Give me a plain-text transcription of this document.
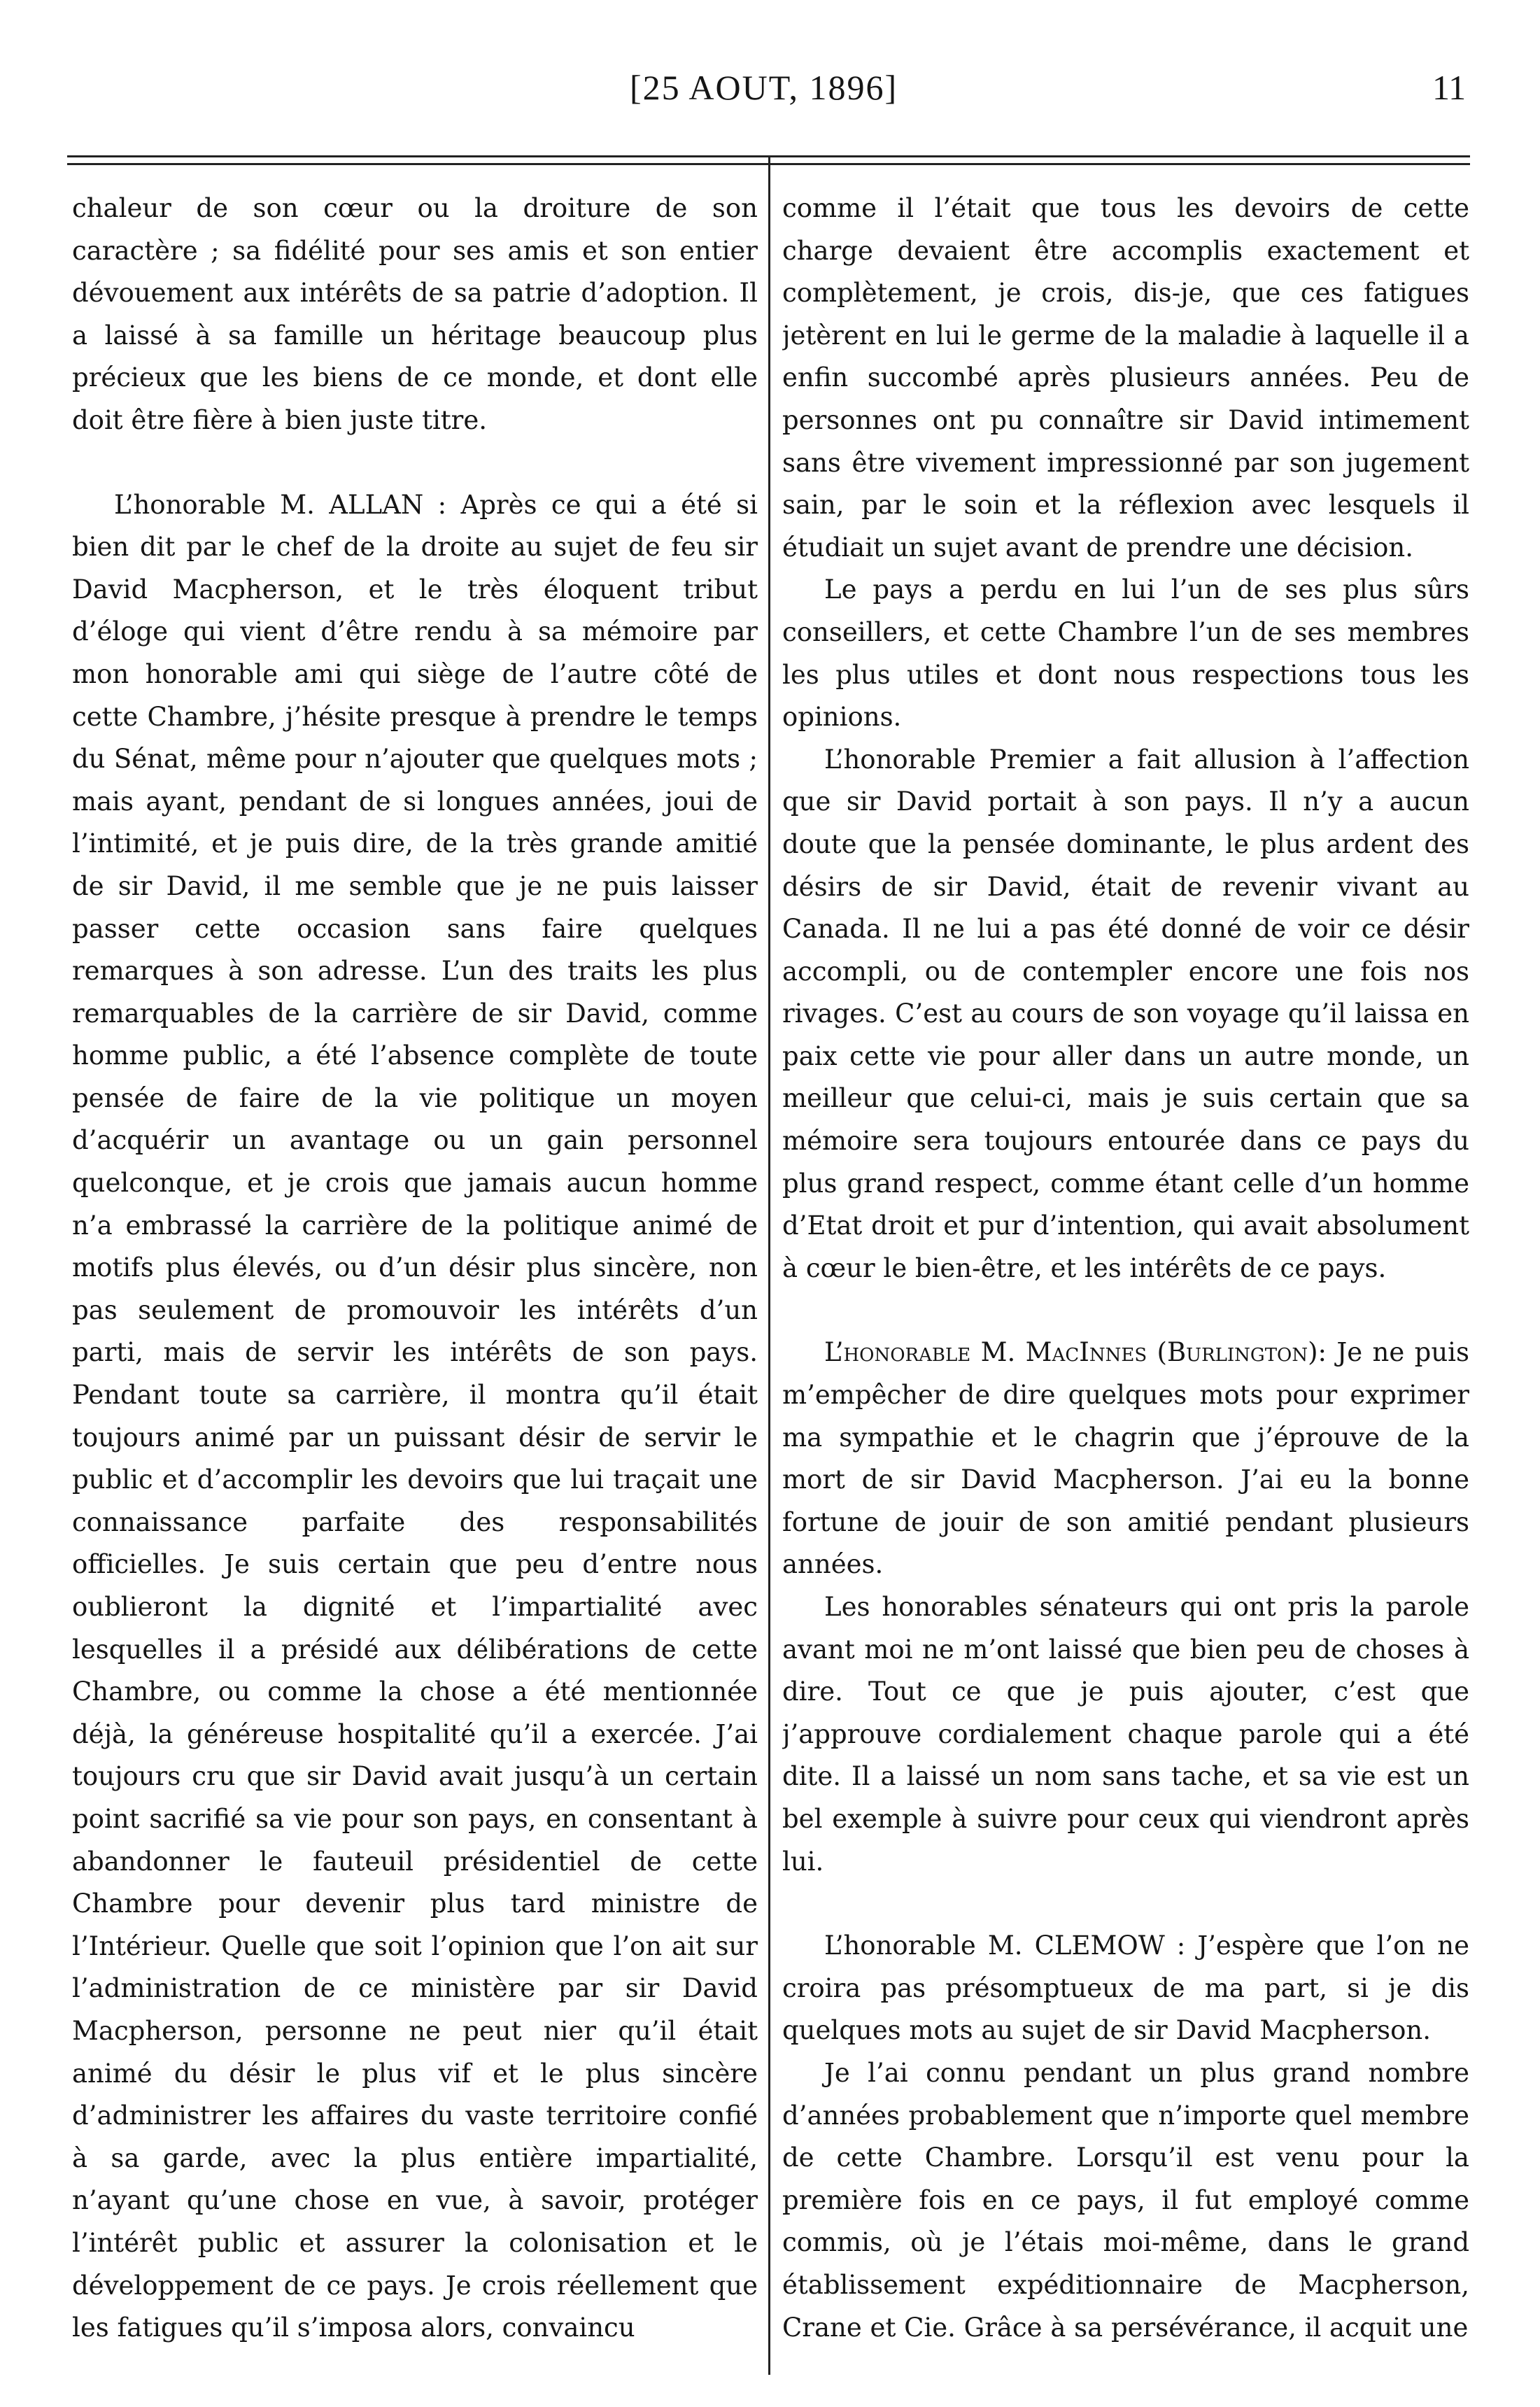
[25 AOUT, 1896]	11

chaleur de son cœur ou la droiture de son caractère ; sa fidélité pour ses amis et son entier dévouement aux intérêts de sa patrie d’adoption. Il a laissé à sa famille un héritage beaucoup plus précieux que les biens de ce monde, et dont elle doit être fière à bien juste titre.

L’honorable M. ALLAN : Après ce qui a été si bien dit par le chef de la droite au sujet de feu sir David Macpherson, et le très éloquent tribut d’éloge qui vient d’être rendu à sa mémoire par mon honorable ami qui siège de l’autre côté de cette Chambre, j’hésite presque à prendre le temps du Sénat, même pour n’ajouter que quelques mots ; mais ayant, pendant de si longues années, joui de l’intimité, et je puis dire, de la très grande amitié de sir David, il me semble que je ne puis laisser passer cette occasion sans faire quelques remarques à son adresse. L’un des traits les plus remarquables de la carrière de sir David, comme homme public, a été l’absence complète de toute pensée de faire de la vie politique un moyen d’acquérir un avantage ou un gain personnel quelconque, et je crois que jamais aucun homme n’a embrassé la carrière de la politique animé de motifs plus élevés, ou d’un désir plus sincère, non pas seulement de promouvoir les intérêts d’un parti, mais de servir les intérêts de son pays. Pendant toute sa carrière, il montra qu’il était toujours animé par un puissant désir de servir le public et d’accomplir les devoirs que lui traçait une connaissance parfaite des responsabilités officielles. Je suis certain que peu d’entre nous oublieront la dignité et l’impartialité avec lesquelles il a présidé aux délibérations de cette Chambre, ou comme la chose a été mentionnée déjà, la généreuse hospitalité qu’il a exercée. J’ai toujours cru que sir David avait jusqu’à un certain point sacrifié sa vie pour son pays, en consentant à abandonner le fauteuil présidentiel de cette Chambre pour devenir plus tard ministre de l’Intérieur. Quelle que soit l’opinion que l’on ait sur l’administration de ce ministère par sir David Macpherson, personne ne peut nier qu’il était animé du désir le plus vif et le plus sincère d’administrer les affaires du vaste territoire confié à sa garde, avec la plus entière impartialité, n’ayant qu’une chose en vue, à savoir, protéger l’intérêt public et assurer la colonisation et le développement de ce pays. Je crois réellement que les fatigues qu’il s’imposa alors, convaincu

comme il l’était que tous les devoirs de cette charge devaient être accomplis exactement et complètement, je crois, dis-je, que ces fatigues jetèrent en lui le germe de la maladie à laquelle il a enfin succombé après plusieurs années. Peu de personnes ont pu connaître sir David intimement sans être vivement impressionné par son jugement sain, par le soin et la réflexion avec lesquels il étudiait un sujet avant de prendre une décision.

Le pays a perdu en lui l’un de ses plus sûrs conseillers, et cette Chambre l’un de ses membres les plus utiles et dont nous respections tous les opinions.

L’honorable Premier a fait allusion à l’affection que sir David portait à son pays. Il n’y a aucun doute que la pensée dominante, le plus ardent des désirs de sir David, était de revenir vivant au Canada. Il ne lui a pas été donné de voir ce désir accompli, ou de contempler encore une fois nos rivages. C’est au cours de son voyage qu’il laissa en paix cette vie pour aller dans un autre monde, un meilleur que celui-ci, mais je suis certain que sa mémoire sera toujours entourée dans ce pays du plus grand respect, comme étant celle d’un homme d’Etat droit et pur d’intention, qui avait absolument à cœur le bien-être, et les intérêts de ce pays.

L’honorable M. MacInnes (Burlington): Je ne puis m’empêcher de dire quelques mots pour exprimer ma sympathie et le chagrin que j’éprouve de la mort de sir David Macpherson. J’ai eu la bonne fortune de jouir de son amitié pendant plusieurs années.

Les honorables sénateurs qui ont pris la parole avant moi ne m’ont laissé que bien peu de choses à dire. Tout ce que je puis ajouter, c’est que j’approuve cordialement chaque parole qui a été dite. Il a laissé un nom sans tache, et sa vie est un bel exemple à suivre pour ceux qui viendront après lui.

L’honorable M. CLEMOW : J’espère que l’on ne croira pas présomptueux de ma part, si je dis quelques mots au sujet de sir David Macpherson.

Je l’ai connu pendant un plus grand nombre d’années probablement que n’importe quel membre de cette Chambre. Lorsqu’il est venu pour la première fois en ce pays, il fut employé comme commis, où je l’étais moi-même, dans le grand établissement expéditionnaire de Macpherson, Crane et Cie. Grâce à sa persévérance, il acquit une
